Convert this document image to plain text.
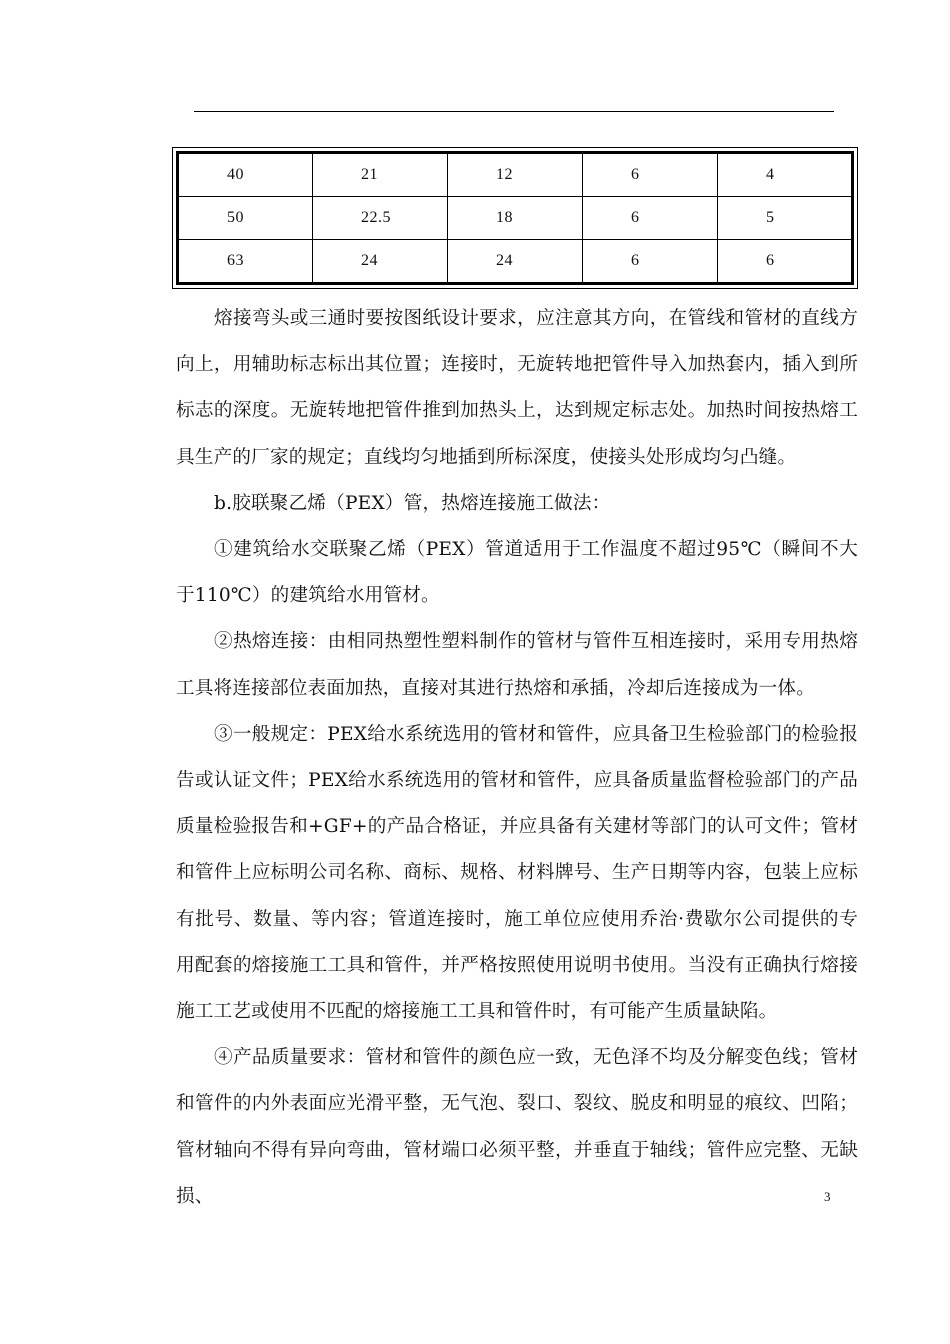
40	21	12	6	4
50	22.5	18	6	5
63	24	24	6	6

熔接弯头或三通时要按图纸设计要求，应注意其方向，在管线和管材的直线方向上，用辅助标志标出其位置；连接时，无旋转地把管件导入加热套内，插入到所标志的深度。无旋转地把管件推到加热头上，达到规定标志处。加热时间按热熔工具生产的厂家的规定；直线均匀地插到所标深度，使接头处形成均匀凸缝。

b.胶联聚乙烯（PEX）管，热熔连接施工做法：

①建筑给水交联聚乙烯（PEX）管道适用于工作温度不超过95℃（瞬间不大于110℃）的建筑给水用管材。

②热熔连接：由相同热塑性塑料制作的管材与管件互相连接时，采用专用热熔工具将连接部位表面加热，直接对其进行热熔和承插，冷却后连接成为一体。

③一般规定：PEX给水系统选用的管材和管件，应具备卫生检验部门的检验报告或认证文件；PEX给水系统选用的管材和管件，应具备质量监督检验部门的产品质量检验报告和+GF+的产品合格证，并应具备有关建材等部门的认可文件；管材和管件上应标明公司名称、商标、规格、材料牌号、生产日期等内容，包装上应标有批号、数量、等内容；管道连接时，施工单位应使用乔治·费歇尔公司提供的专用配套的熔接施工工具和管件，并严格按照使用说明书使用。当没有正确执行熔接施工工艺或使用不匹配的熔接施工工具和管件时，有可能产生质量缺陷。

④产品质量要求：管材和管件的颜色应一致，无色泽不均及分解变色线；管材和管件的内外表面应光滑平整，无气泡、裂口、裂纹、脱皮和明显的痕纹、凹陷；管材轴向不得有异向弯曲，管材端口必须平整，并垂直于轴线；管件应完整、无缺损、	3
